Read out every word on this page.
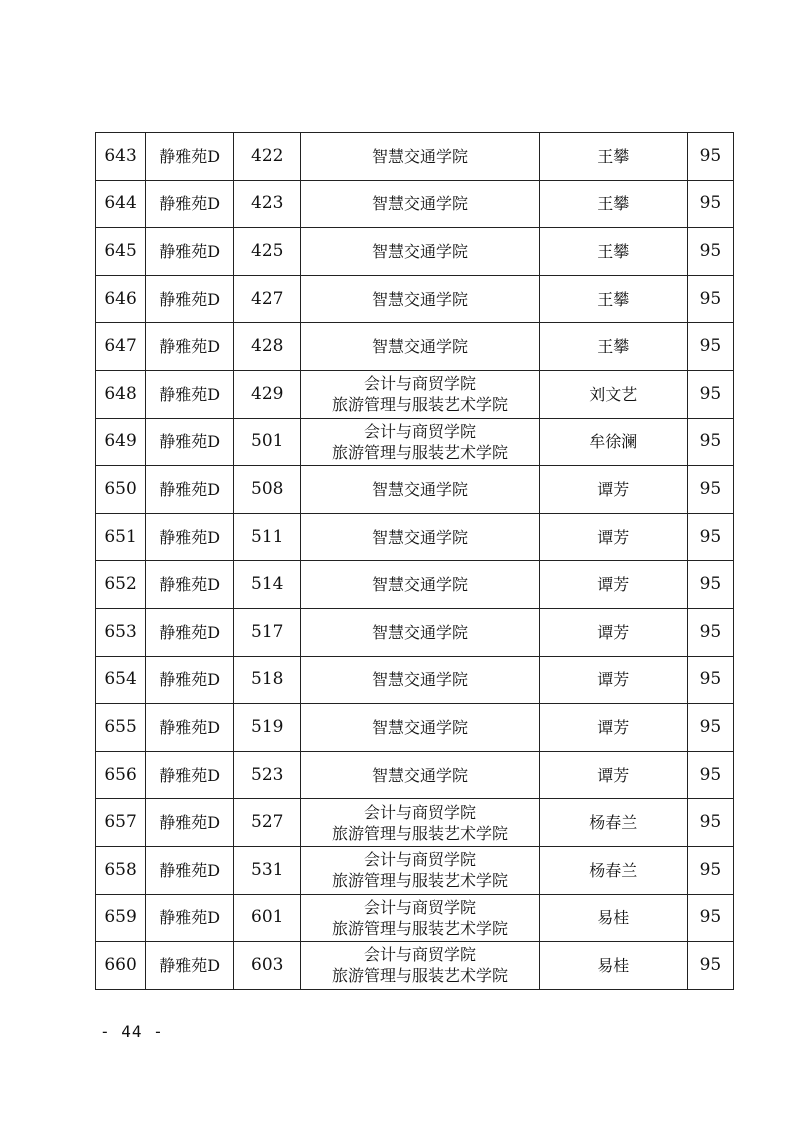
643	静雅苑D	422	智慧交通学院	王攀	95
644	静雅苑D	423	智慧交通学院	王攀	95
645	静雅苑D	425	智慧交通学院	王攀	95
646	静雅苑D	427	智慧交通学院	王攀	95
647	静雅苑D	428	智慧交通学院	王攀	95
648	静雅苑D	429	会计与商贸学院
旅游管理与服装艺术学院	刘文艺	95
649	静雅苑D	501	会计与商贸学院
旅游管理与服装艺术学院	牟徐澜	95
650	静雅苑D	508	智慧交通学院	谭芳	95
651	静雅苑D	511	智慧交通学院	谭芳	95
652	静雅苑D	514	智慧交通学院	谭芳	95
653	静雅苑D	517	智慧交通学院	谭芳	95
654	静雅苑D	518	智慧交通学院	谭芳	95
655	静雅苑D	519	智慧交通学院	谭芳	95
656	静雅苑D	523	智慧交通学院	谭芳	95
657	静雅苑D	527	会计与商贸学院
旅游管理与服装艺术学院	杨春兰	95
658	静雅苑D	531	会计与商贸学院
旅游管理与服装艺术学院	杨春兰	95
659	静雅苑D	601	会计与商贸学院
旅游管理与服装艺术学院	易桂	95
660	静雅苑D	603	会计与商贸学院
旅游管理与服装艺术学院	易桂	95
- 44 -
